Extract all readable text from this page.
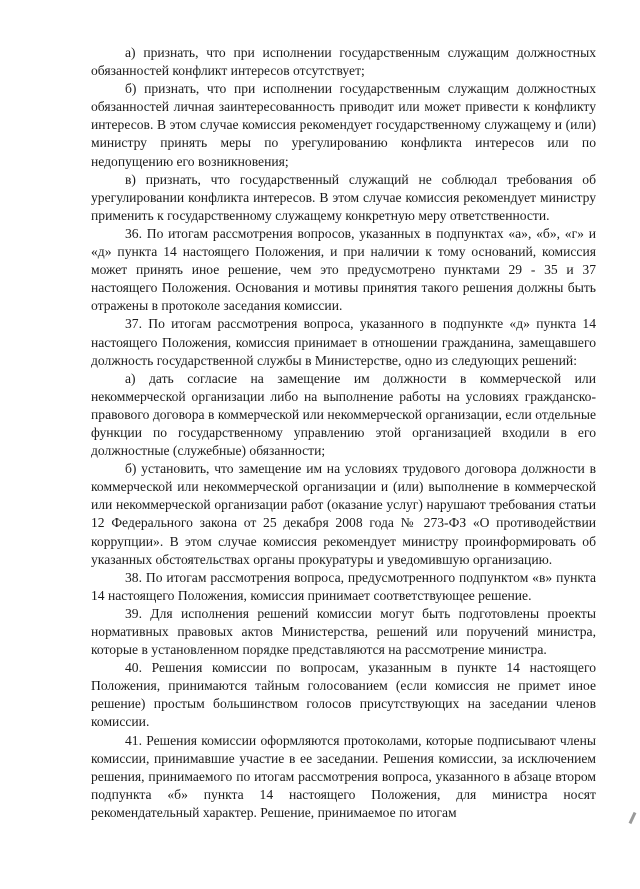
а) признать, что при исполнении государственным служащим должностных обязанностей конфликт интересов отсутствует;

б) признать, что при исполнении государственным служащим должностных обязанностей личная заинтересованность приводит или может привести к конфликту интересов. В этом случае комиссия рекомендует государственному служащему и (или) министру принять меры по урегулированию конфликта интересов или по недопущению его возникновения;

в) признать, что государственный служащий не соблюдал требования об урегулировании конфликта интересов. В этом случае комиссия рекомендует министру применить к государственному служащему конкретную меру ответственности.

36. По итогам рассмотрения вопросов, указанных в подпунктах «а», «б», «г» и «д» пункта 14 настоящего Положения, и при наличии к тому оснований, комиссия может принять иное решение, чем это предусмотрено пунктами 29 - 35 и 37 настоящего Положения. Основания и мотивы принятия такого решения должны быть отражены в протоколе заседания комиссии.

37. По итогам рассмотрения вопроса, указанного в подпункте «д» пункта 14 настоящего Положения, комиссия принимает в отношении гражданина, замещавшего должность государственной службы в Министерстве, одно из следующих решений:

а) дать согласие на замещение им должности в коммерческой или некоммерческой организации либо на выполнение работы на условиях гражданско-правового договора в коммерческой или некоммерческой организации, если отдельные функции по государственному управлению этой организацией входили в его должностные (служебные) обязанности;

б) установить, что замещение им на условиях трудового договора должности в коммерческой или некоммерческой организации и (или) выполнение в коммерческой или некоммерческой организации работ (оказание услуг) нарушают требования статьи 12 Федерального закона от 25 декабря 2008 года № 273-ФЗ «О противодействии коррупции». В этом случае комиссия рекомендует министру проинформировать об указанных обстоятельствах органы прокуратуры и уведомившую организацию.

38. По итогам рассмотрения вопроса, предусмотренного подпунктом «в» пункта 14 настоящего Положения, комиссия принимает соответствующее решение.

39. Для исполнения решений комиссии могут быть подготовлены проекты нормативных правовых актов Министерства, решений или поручений министра, которые в установленном порядке представляются на рассмотрение министра.

40. Решения комиссии по вопросам, указанным в пункте 14 настоящего Положения, принимаются тайным голосованием (если комиссия не примет иное решение) простым большинством голосов присутствующих на заседании членов комиссии.

41. Решения комиссии оформляются протоколами, которые подписывают члены комиссии, принимавшие участие в ее заседании. Решения комиссии, за исключением решения, принимаемого по итогам рассмотрения вопроса, указанного в абзаце втором подпункта «б» пункта 14 настоящего Положения, для министра носят рекомендательный характер. Решение, принимаемое по итогам
